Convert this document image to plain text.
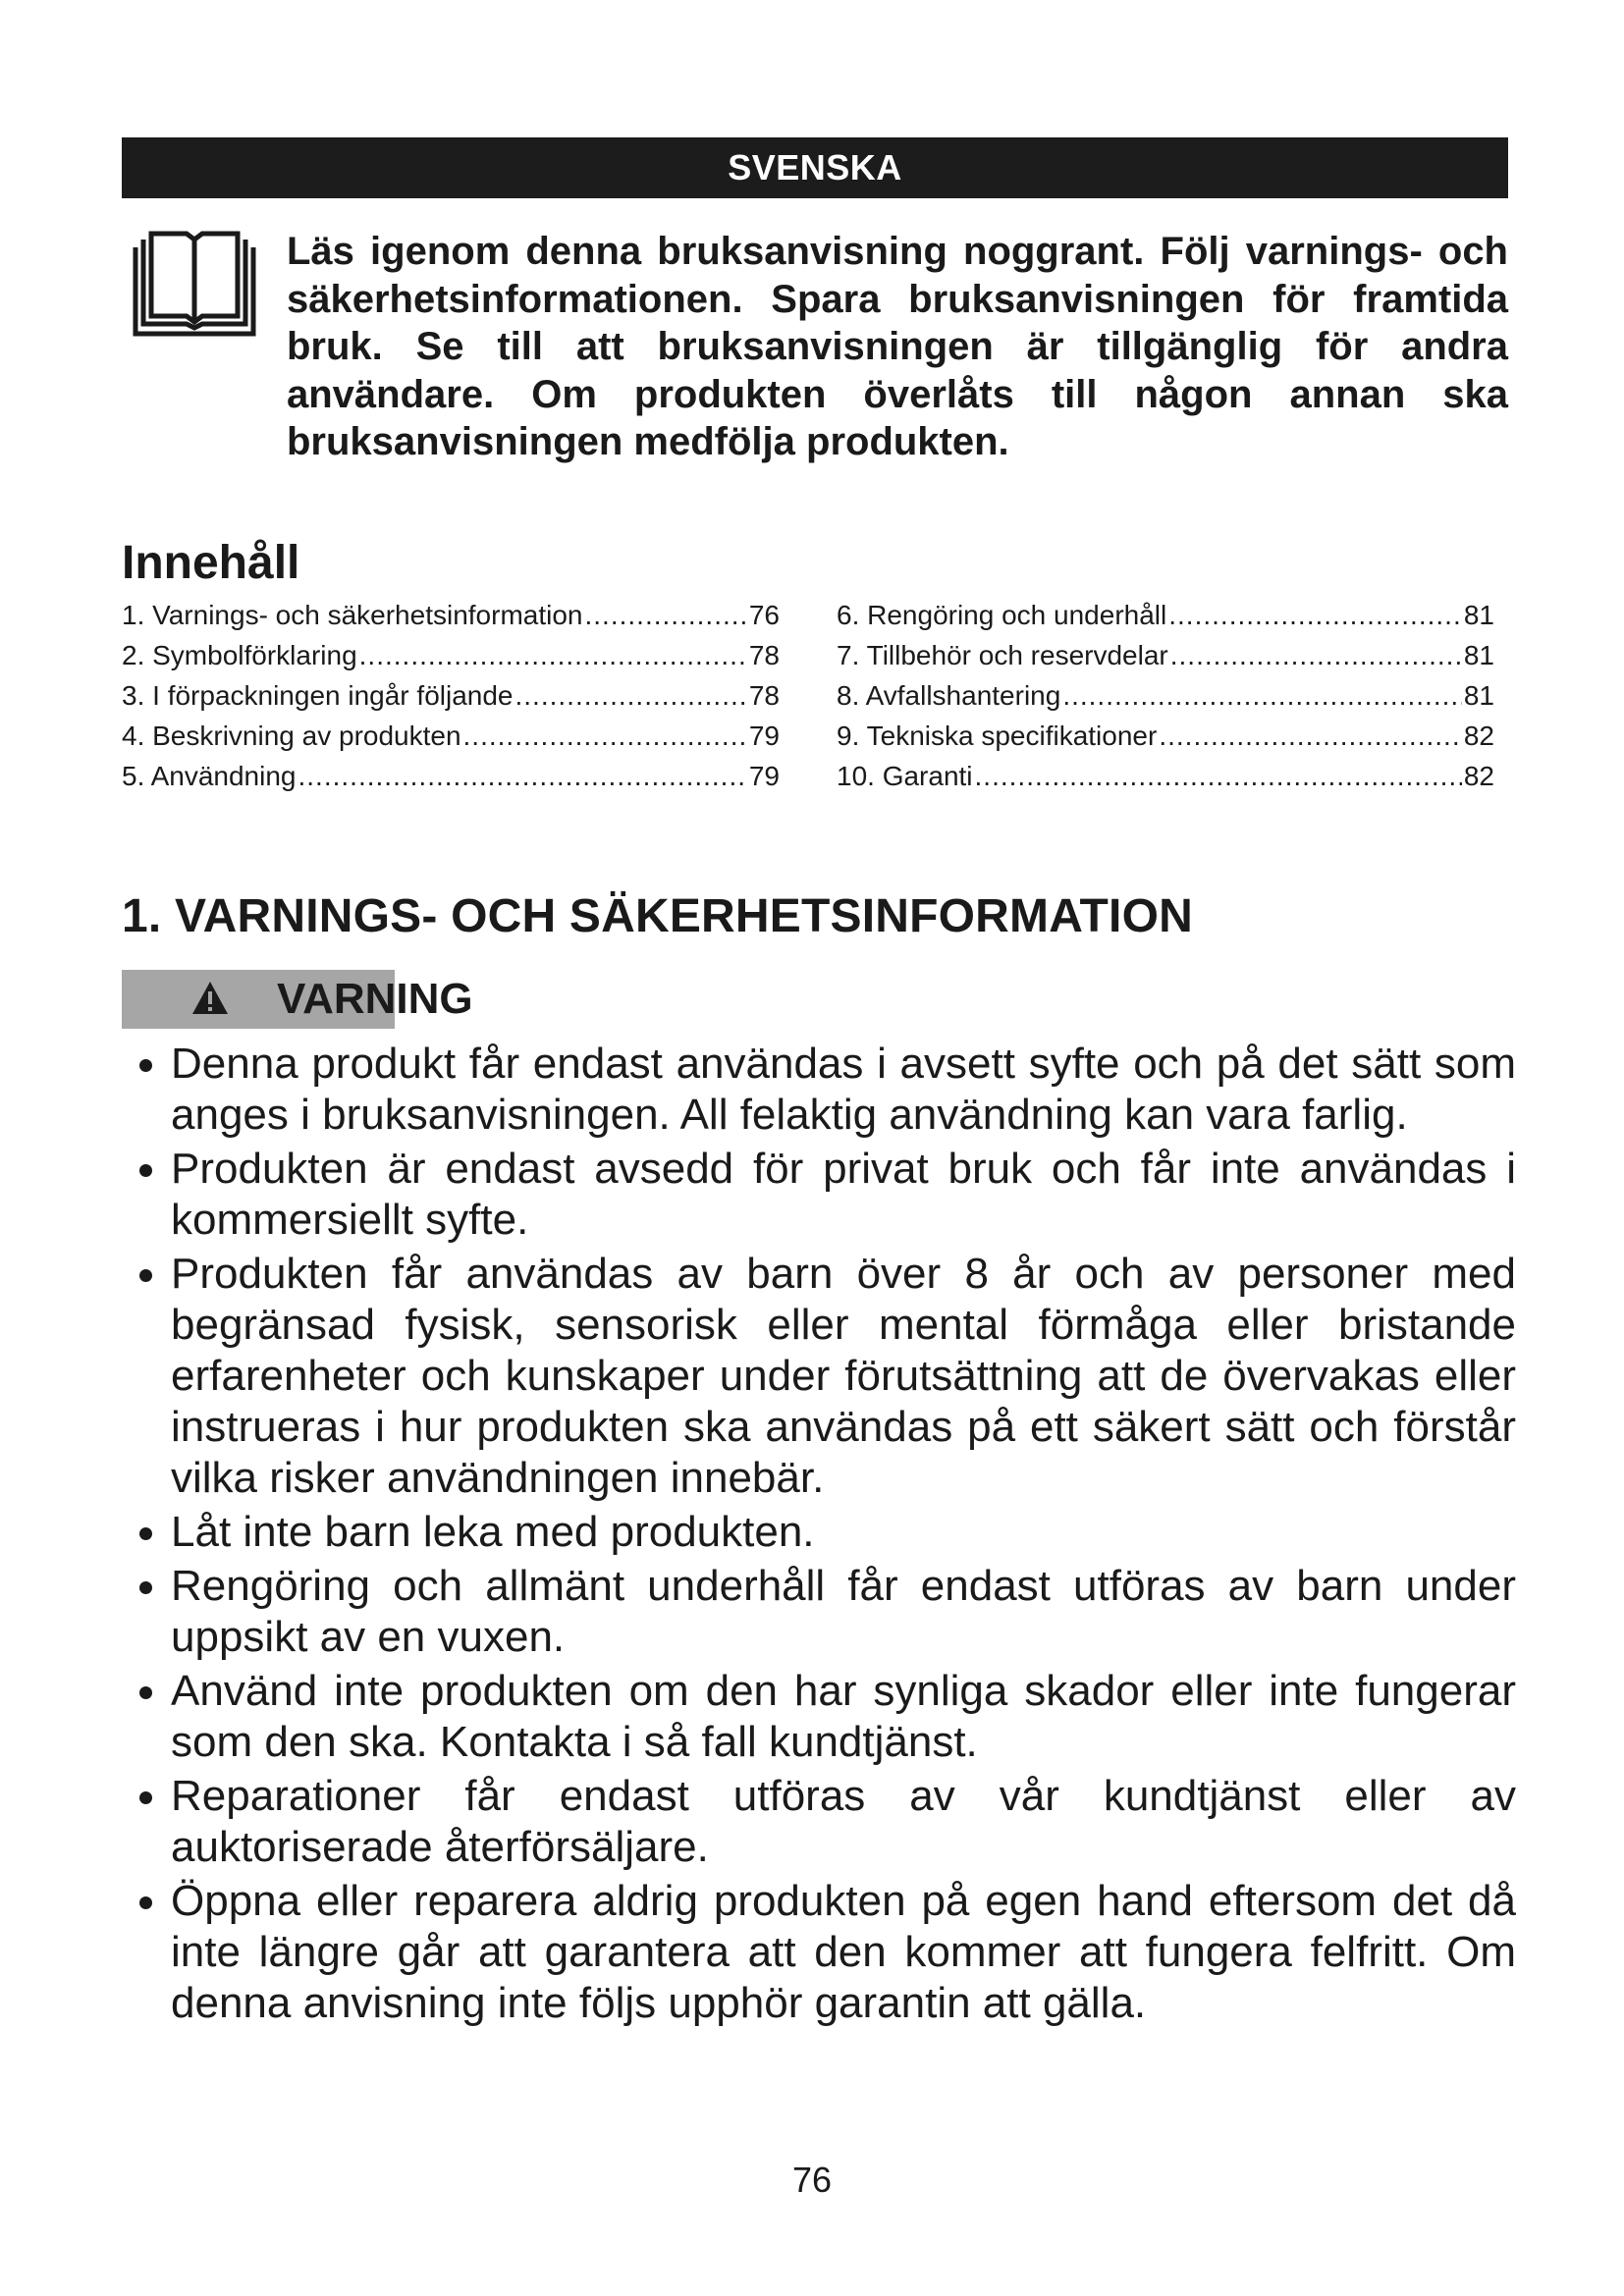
SVENSKA
Läs igenom denna bruksanvisning noggrant. Följ varnings- och säkerhetsinformationen. Spara bruksanvisningen för framtida bruk. Se till att bruksanvisningen är tillgänglig för andra användare. Om produkten överlåts till någon annan ska bruksanvisningen medfölja produkten.
Innehåll
1. Varnings- och säkerhetsinformation .....	76
2. Symbolförklaring .....	78
3. I förpackningen ingår följande .....	78
4. Beskrivning av produkten .....	79
5. Användning .....	79
6. Rengöring och underhåll .....	81
7. Tillbehör och reservdelar .....	81
8. Avfallshantering .....	81
9. Tekniska specifikationer .....	82
10. Garanti .....	82
1. VARNINGS- OCH SÄKERHETSINFORMATION
VARNING
Denna produkt får endast användas i avsett syfte och på det sätt som anges i bruksanvisningen. All felaktig användning kan vara farlig.
Produkten är endast avsedd för privat bruk och får inte användas i kommersiellt syfte.
Produkten får användas av barn över 8 år och av personer med begränsad fysisk, sensorisk eller mental förmåga eller bristande erfarenheter och kunskaper under förutsättning att de övervakas eller instrueras i hur produkten ska användas på ett säkert sätt och förstår vilka risker användningen innebär.
Låt inte barn leka med produkten.
Rengöring och allmänt underhåll får endast utföras av barn under uppsikt av en vuxen.
Använd inte produkten om den har synliga skador eller inte fungerar som den ska. Kontakta i så fall kundtjänst.
Reparationer får endast utföras av vår kundtjänst eller av auktoriserade återförsäljare.
Öppna eller reparera aldrig produkten på egen hand eftersom det då inte längre går att garantera att den kommer att fungera felfritt. Om denna anvisning inte följs upphör garantin att gälla.
76
